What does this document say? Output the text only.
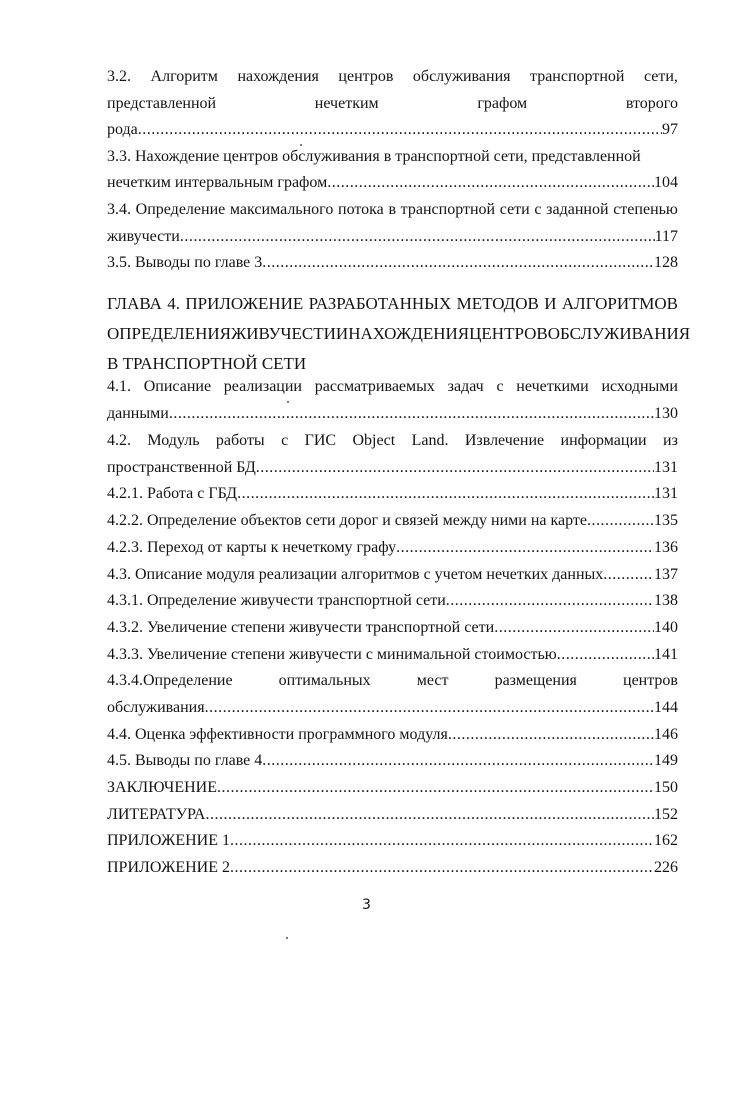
3.2. Алгоритм нахождения центров обслуживания транспортной сети,
представленной	нечетким	графом	второго
рода .....	97
3.3. Нахождение центров обслуживания в транспортной сети, представленной
нечетким интервальным графом .....	104
3.4. Определение максимального потока в транспортной сети с заданной степенью
живучести .....	117
3.5. Выводы по главе 3 .....	128
ГЛАВА 4. ПРИЛОЖЕНИЕ РАЗРАБОТАННЫХ МЕТОДОВ И АЛГОРИТМОВ
ОПРЕДЕЛЕНИЯ ЖИВУЧЕСТИ И НАХОЖДЕНИЯ ЦЕНТРОВ ОБСЛУЖИВАНИЯ
В ТРАНСПОРТНОЙ СЕТИ
4.1. Описание реализации рассматриваемых задач с нечеткими исходными
данными .....	130
4.2. Модуль работы с ГИС Object Land. Извлечение информации из
пространственной БД .....	131
4.2.1. Работа с ГБД .....	131
4.2.2. Определение объектов сети дорог и связей между ними на карте .....	135
4.2.3. Переход от карты к нечеткому графу .....	136
4.3. Описание модуля реализации алгоритмов с учетом нечетких данных .....	137
4.3.1. Определение живучести транспортной сети .....	138
4.3.2. Увеличение степени живучести транспортной сети .....	140
4.3.3. Увеличение степени живучести с минимальной стоимостью .....	141
4.3.4.Определение	оптимальных	мест	размещения	центров
обслуживания .....	144
4.4. Оценка эффективности программного модуля .....	146
4.5. Выводы по главе 4 .....	149
ЗАКЛЮЧЕНИЕ .....	150
ЛИТЕРАТУРА .....	152
ПРИЛОЖЕНИЕ 1 .....	162
ПРИЛОЖЕНИЕ 2 .....	226
3
